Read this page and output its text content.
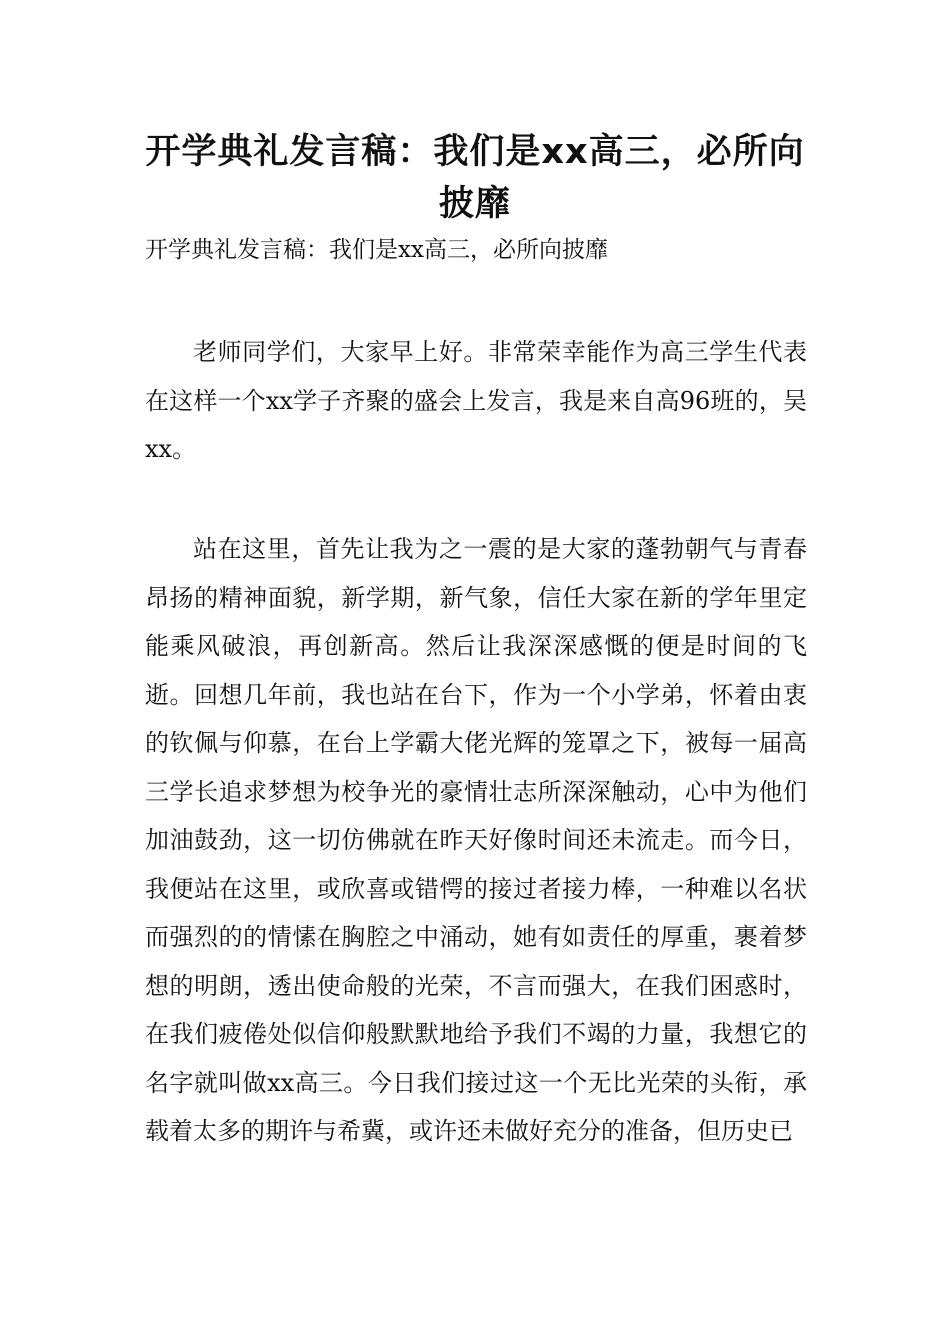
开学典礼发言稿：我们是xx高三，必所向披靡

开学典礼发言稿：我们是xx高三，必所向披靡

老师同学们，大家早上好。非常荣幸能作为高三学生代表在这样一个xx学子齐聚的盛会上发言，我是来自高96班的，吴xx。

站在这里，首先让我为之一震的是大家的蓬勃朝气与青春昂扬的精神面貌，新学期，新气象，信任大家在新的学年里定能乘风破浪，再创新高。然后让我深深感慨的便是时间的飞逝。回想几年前，我也站在台下，作为一个小学弟，怀着由衷的钦佩与仰慕，在台上学霸大佬光辉的笼罩之下，被每一届高三学长追求梦想为校争光的豪情壮志所深深触动，心中为他们加油鼓劲，这一切仿佛就在昨天好像时间还未流走。而今日，我便站在这里，或欣喜或错愕的接过者接力棒，一种难以名状而强烈的的情愫在胸腔之中涌动，她有如责任的厚重，裹着梦想的明朗，透出使命般的光荣，不言而强大，在我们困惑时，在我们疲倦处似信仰般默默地给予我们不竭的力量，我想它的名字就叫做xx高三。今日我们接过这一个无比光荣的头衔，承载着太多的期许与希冀，或许还未做好充分的准备，但历史已
